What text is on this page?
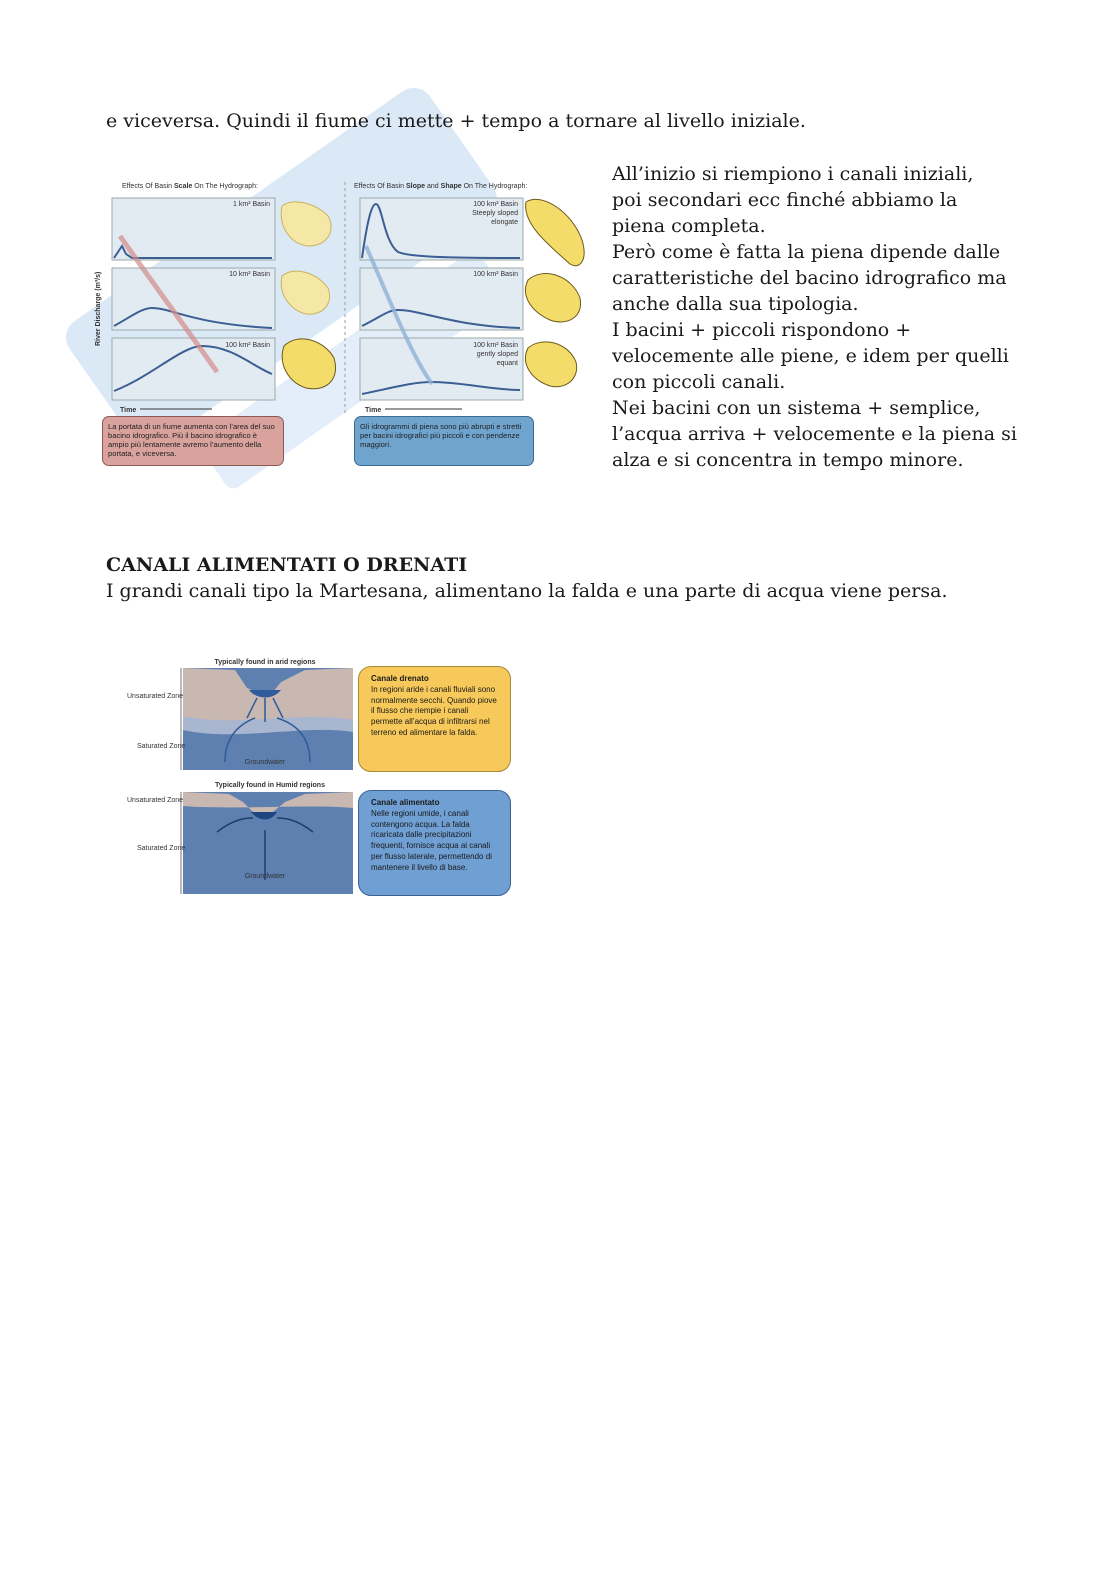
e viceversa. Quindi il fiume ci mette + tempo a tornare al livello iniziale.

Effects Of Basin Scale On The Hydrograph:	Effects Of Basin Slope and Shape On The Hydrograph:
River Discharge (m³/s)
1 km² Basin
10 km² Basin
100 km² Basin
100 km² Basin
Steeply sloped
elongate
100 km² Basin
100 km² Basin
gently sloped
equant
Time	Time
La portata di un fiume aumenta con l’area del suo bacino idrografico. Più il bacino idrografico è ampio più lentamente avremo l’aumento della portata, e viceversa.
Gli idrogrammi di piena sono più abrupti e stretti per bacini idrografici più piccoli e con pendenze maggiori.
All’inizio si riempiono i canali iniziali,
poi secondari ecc finché abbiamo la
piena completa.
Però come è fatta la piena dipende dalle
caratteristiche del bacino idrografico ma
anche dalla sua tipologia.
I bacini + piccoli rispondono +
velocemente alle piene, e idem per quelli
con piccoli canali.
Nei bacini con un sistema + semplice,
l’acqua arriva + velocemente e la piena si
alza e si concentra in tempo minore.

CANALI ALIMENTATI O DRENATI

I grandi canali tipo la Martesana, alimentano la falda e una parte di acqua viene persa.

Typically found in arid regions
Unsaturated Zone
Saturated Zone
Groundwater
Typically found in Humid regions
Unsaturated Zone
Saturated Zone
Groundwater
Canale drenato
In regioni aride i canali fluviali sono normalmente secchi. Quando piove il flusso che riempie i canali permette all’acqua di infiltrarsi nel terreno ed alimentare la falda.
Canale alimentato
Nelle regioni umide, i canali contengono acqua. La falda ricaricata dalle precipitazioni frequenti, fornisce acqua ai canali per flusso laterale, permettendo di mantenere il livello di base.
